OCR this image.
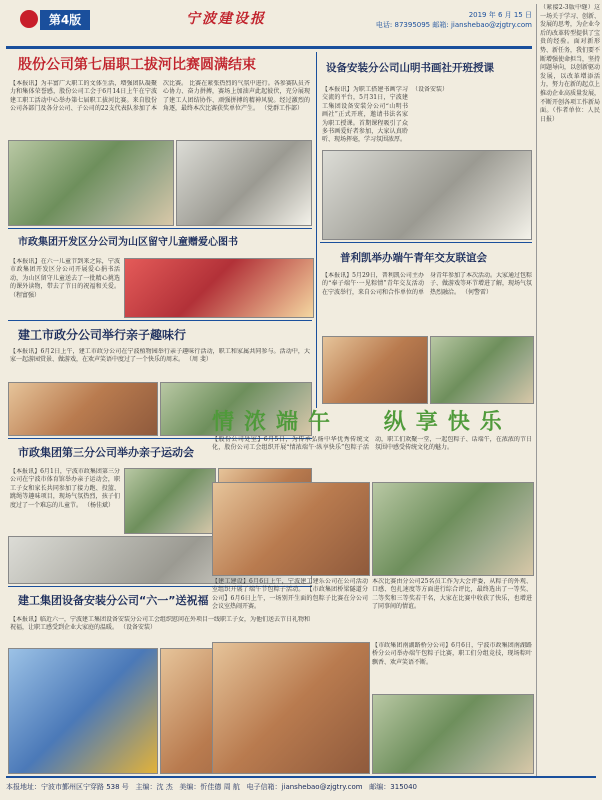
第4版	宁波建设报	2019 年 6 月 15 日
电话: 87395095 邮箱: jianshebao@zjgtry.com
股份公司第七届职工拔河比赛圆满结束
【本报讯】为丰富广大职工的文体生活，增强团队凝聚力和集体荣誉感，股份公司工会于6月14日上午在宁波建工职工活动中心举办第七届职工拔河比赛。来自股份公司各部门及各分公司、子公司的22支代表队参加了本次比赛。 比赛在紧张热烈的气氛中进行。各参赛队员齐心协力、奋力拼搏，赛场上加油声此起彼伏，充分展现了建工人团结协作、顽强拼搏的精神风貌。经过激烈的角逐，最终本次比赛获奖单位产生。 （党群工作部）
市政集团开发区分公司为山区留守儿童赠爱心图书
【本报讯】在六一儿童节到来之际，宁波市政集团开发区分公司开展爱心捐书活动，为山区留守儿童送去了一批精心挑选的课外读物，带去了节日的祝福和关爱。 （程富强）
建工市政分公司举行亲子趣味行
【本报讯】6月2日上午，建工市政分公司在宁波植物园举行亲子趣味行活动，职工和家属共同参与。活动中，大家一起游园赏景、做游戏，在欢声笑语中度过了一个快乐的周末。 （周 斐）
市政集团第三分公司举办亲子运动会
【本报讯】6月1日，宁波市政集团第三分公司在宁波市体育馆举办亲子运动会，职工子女和家长共同参加了接力跑、投篮、跳绳等趣味项目，现场气氛热烈，孩子们度过了一个难忘的儿童节。 （杨佳斌）
建工集团设备安装分公司“六一”送祝福
【本报讯】临近六一，宁波建工集团设备安装分公司工会组织慰问在外项目一线职工子女，为他们送去节日礼物和祝福，让职工感受到企业大家庭的温暖。 （设备安装）
设备安装分公司山明书画社开班授课
【本报讯】为职工搭建书画学习交流的平台，5月31日，宁波建工集团设备安装分公司“山明书画社”正式开班，邀请书法名家为职工授课。首期课程吸引了众多书画爱好者参加，大家认真聆听、现场挥毫，学习氛围浓厚。
（设备安装）
普利凯举办端午青年交友联谊会
【本报讯】5月29日，普利凯公司主办的“奉子端午·一见粽情”青年交友活动在宁波举行，来自公司和合作单位的单身青年参加了本次活动。大家通过包粽子、做游戏等环节增进了解，现场气氛热烈融洽。 （何警雷）
情浓端午 纵享快乐
【股份公司处室】6月5日，为传承弘扬中华优秀传统文化，股份公司工会组织开展“情浓端午·纵享快乐”包粽子活动，职工们欢聚一堂，一起包粽子、话端午，在浓浓的节日氛围中感受传统文化的魅力。
【建工建设】6月6日上午，宁波建工建乐公司在公司活动室组织开展了端午节包粽子活动。 【市政集团桥梁隧道分公司】6月6日上午，一场别开生面的包粽子比赛在分公司会议室热闹开赛。
本次比赛由分公司25名员工作为大会评委，从粽子的外观、口感、包扎速度等方面进行综合评比，最终选出了一等奖、二等奖和三等奖若干名，大家在比赛中收获了快乐，也增进了同事间的情谊。
【市政集团南湖路桥分公司】6月6日，宁波市政集团南湖路桥分公司举办端午包粽子比赛，职工们分组竞技，现场粽叶飘香、欢声笑语不断。
（紧接2-3版中缝）这一场关于学习、创新、发展的思考，为企业今后的改革转型提供了宝贵的经验。面对新形势、新任务，我们要不断增强使命担当，坚持问题导向，以创新驱动发展，以改革增添活力，努力在新的起点上推动企业高质量发展，不断开创各项工作新局面。（作者单位：人民日报）
本报地址：宁波市鄞州区宁穿路 538 号 主编：沈 杰 美编：忻佳德 周 航 电子信箱：jianshebao@zjgtry.com 邮编：315040
